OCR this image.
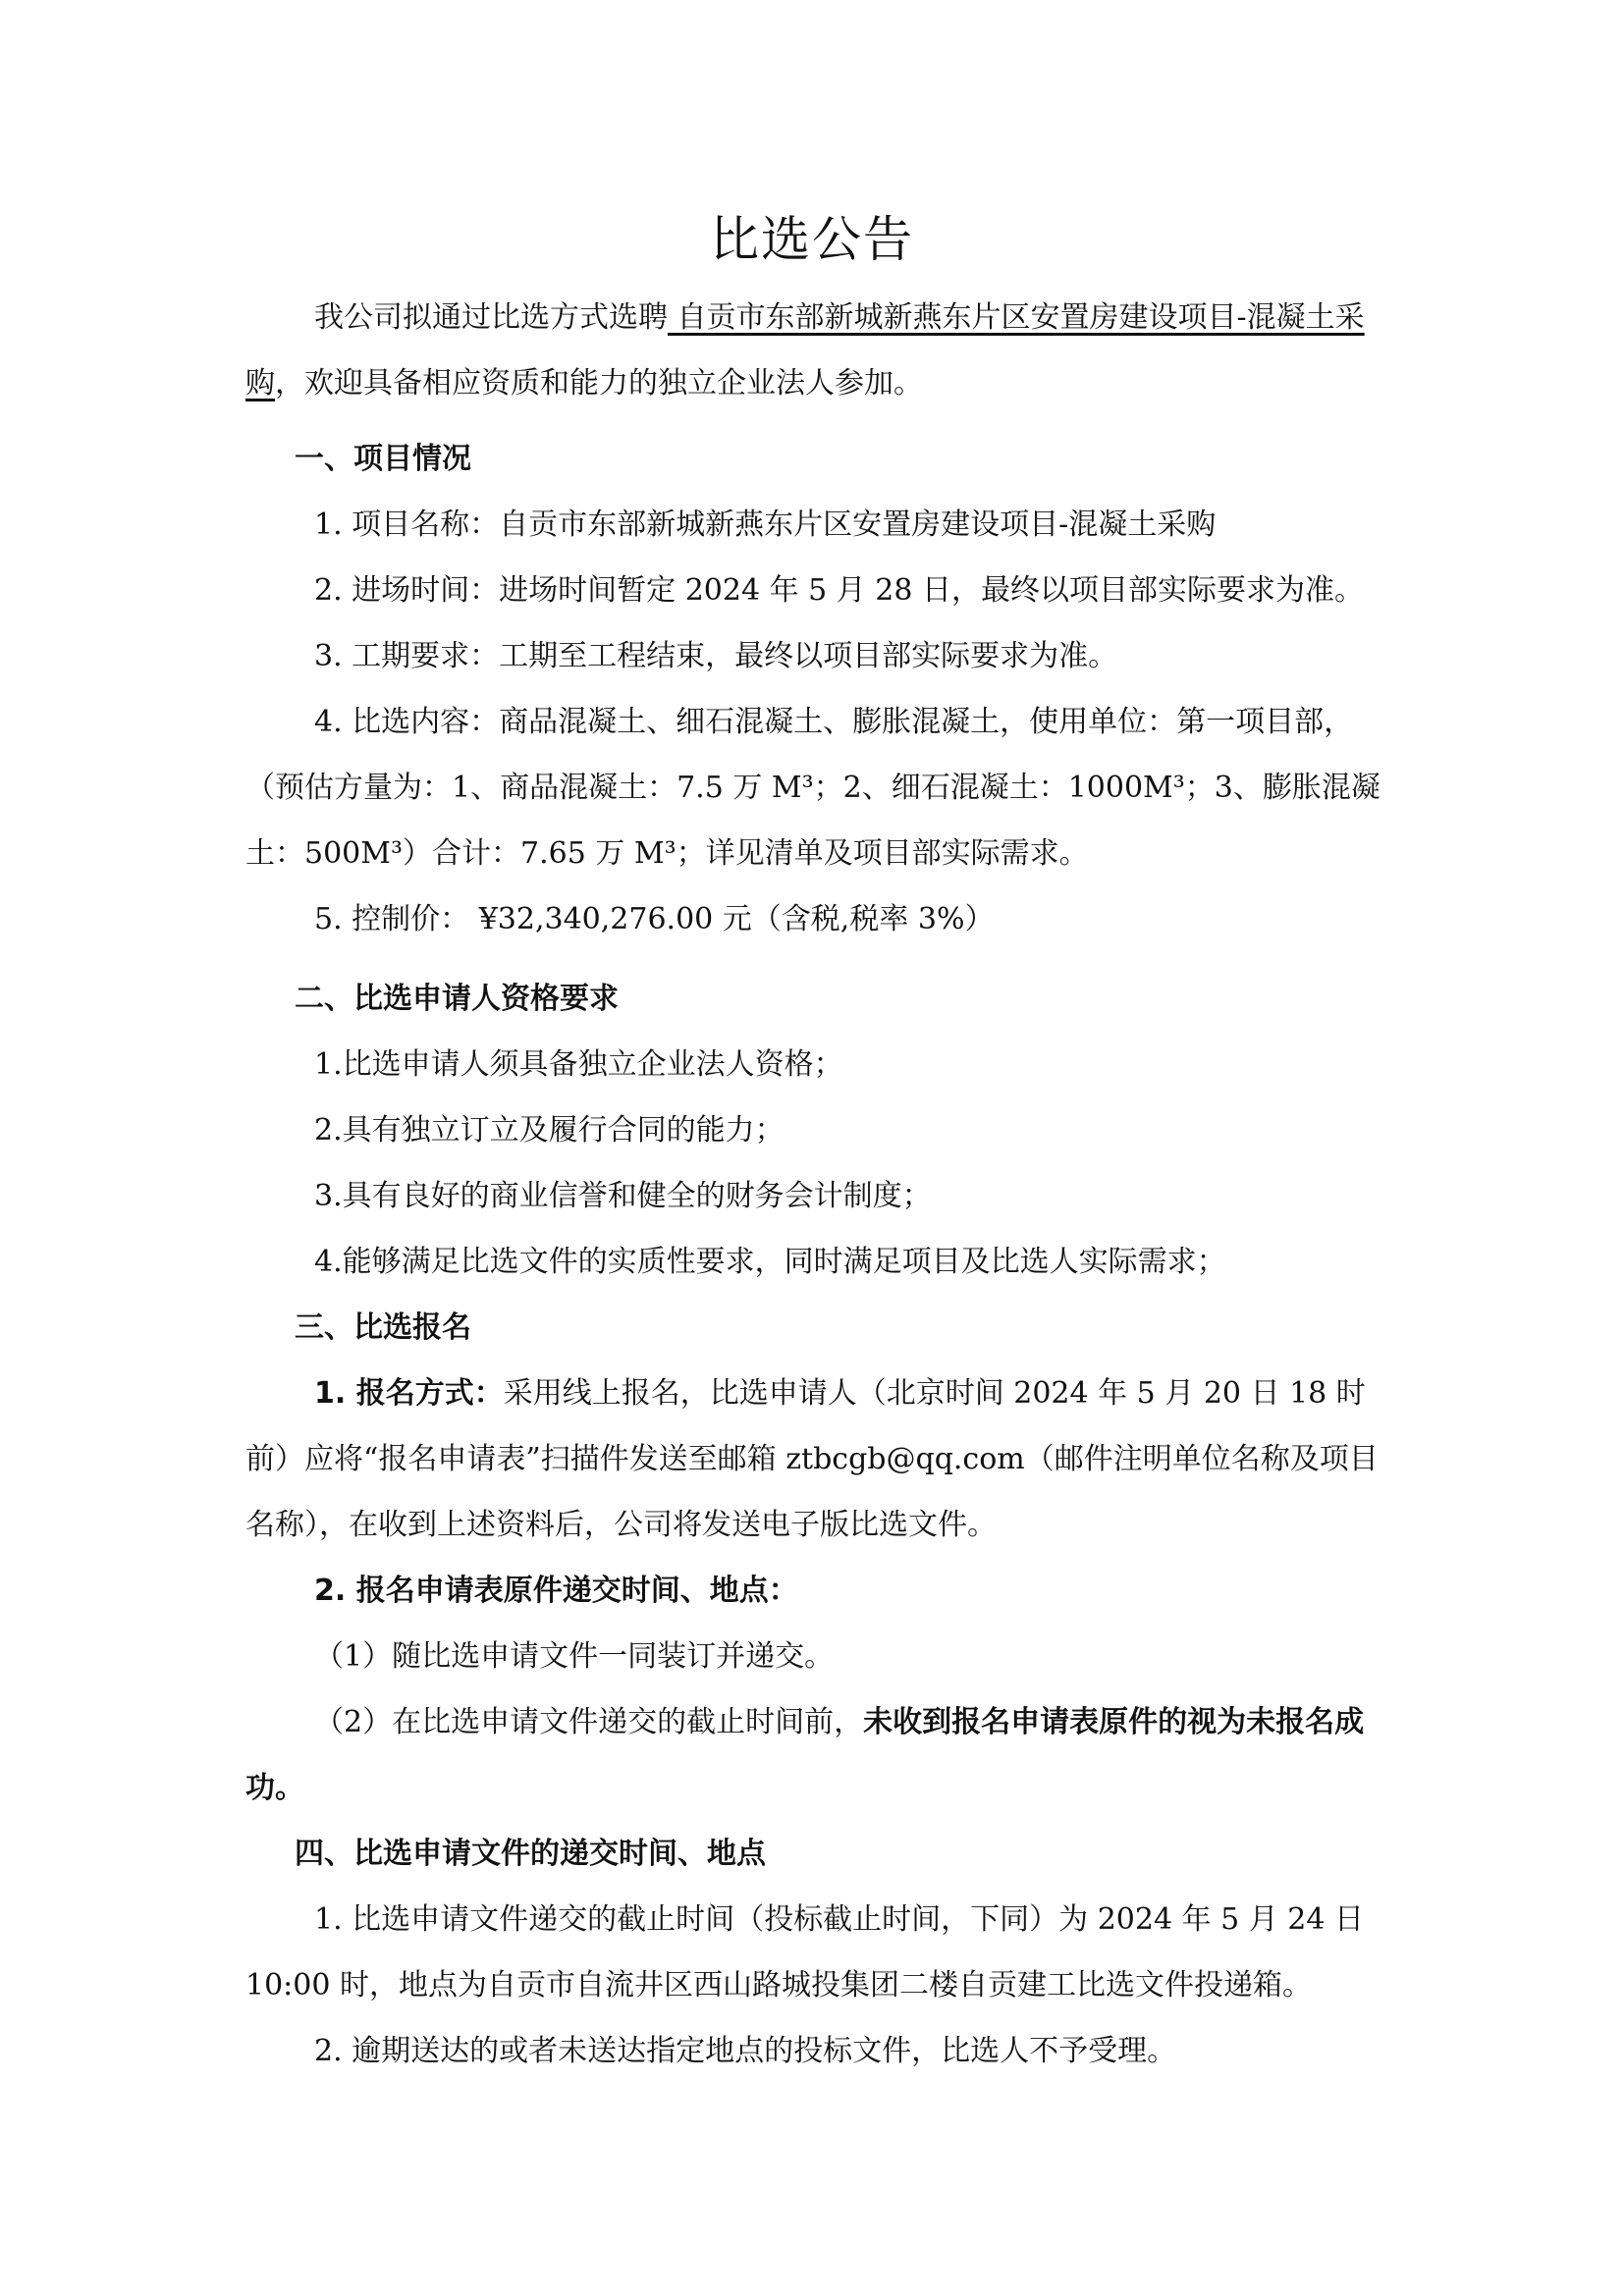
比选公告

我公司拟通过比选方式选聘 自贡市东部新城新燕东片区安置房建设项目-混凝土采购，欢迎具备相应资质和能力的独立企业法人参加。

一、项目情况

1. 项目名称：自贡市东部新城新燕东片区安置房建设项目-混凝土采购

2. 进场时间：进场时间暂定 2024 年 5 月 28 日，最终以项目部实际要求为准。

3. 工期要求：工期至工程结束，最终以项目部实际要求为准。

4. 比选内容：商品混凝土、细石混凝土、膨胀混凝土，使用单位：第一项目部，（预估方量为：1、商品混凝土：7.5 万 M³；2、细石混凝土：1000M³；3、膨胀混凝土：500M³）合计：7.65 万 M³；详见清单及项目部实际需求。

5. 控制价： ¥32,340,276.00 元（含税,税率 3%）

二、比选申请人资格要求

1.比选申请人须具备独立企业法人资格；

2.具有独立订立及履行合同的能力；

3.具有良好的商业信誉和健全的财务会计制度；

4.能够满足比选文件的实质性要求，同时满足项目及比选人实际需求；

三、比选报名

1. 报名方式：采用线上报名，比选申请人（北京时间 2024 年 5 月 20 日 18 时前）应将“报名申请表”扫描件发送至邮箱 ztbcgb@qq.com（邮件注明单位名称及项目名称），在收到上述资料后，公司将发送电子版比选文件。

2. 报名申请表原件递交时间、地点：

（1）随比选申请文件一同装订并递交。

（2）在比选申请文件递交的截止时间前，未收到报名申请表原件的视为未报名成功。

四、比选申请文件的递交时间、地点

1. 比选申请文件递交的截止时间（投标截止时间，下同）为 2024 年 5 月 24 日 10:00 时，地点为自贡市自流井区西山路城投集团二楼自贡建工比选文件投递箱。

2. 逾期送达的或者未送达指定地点的投标文件，比选人不予受理。
